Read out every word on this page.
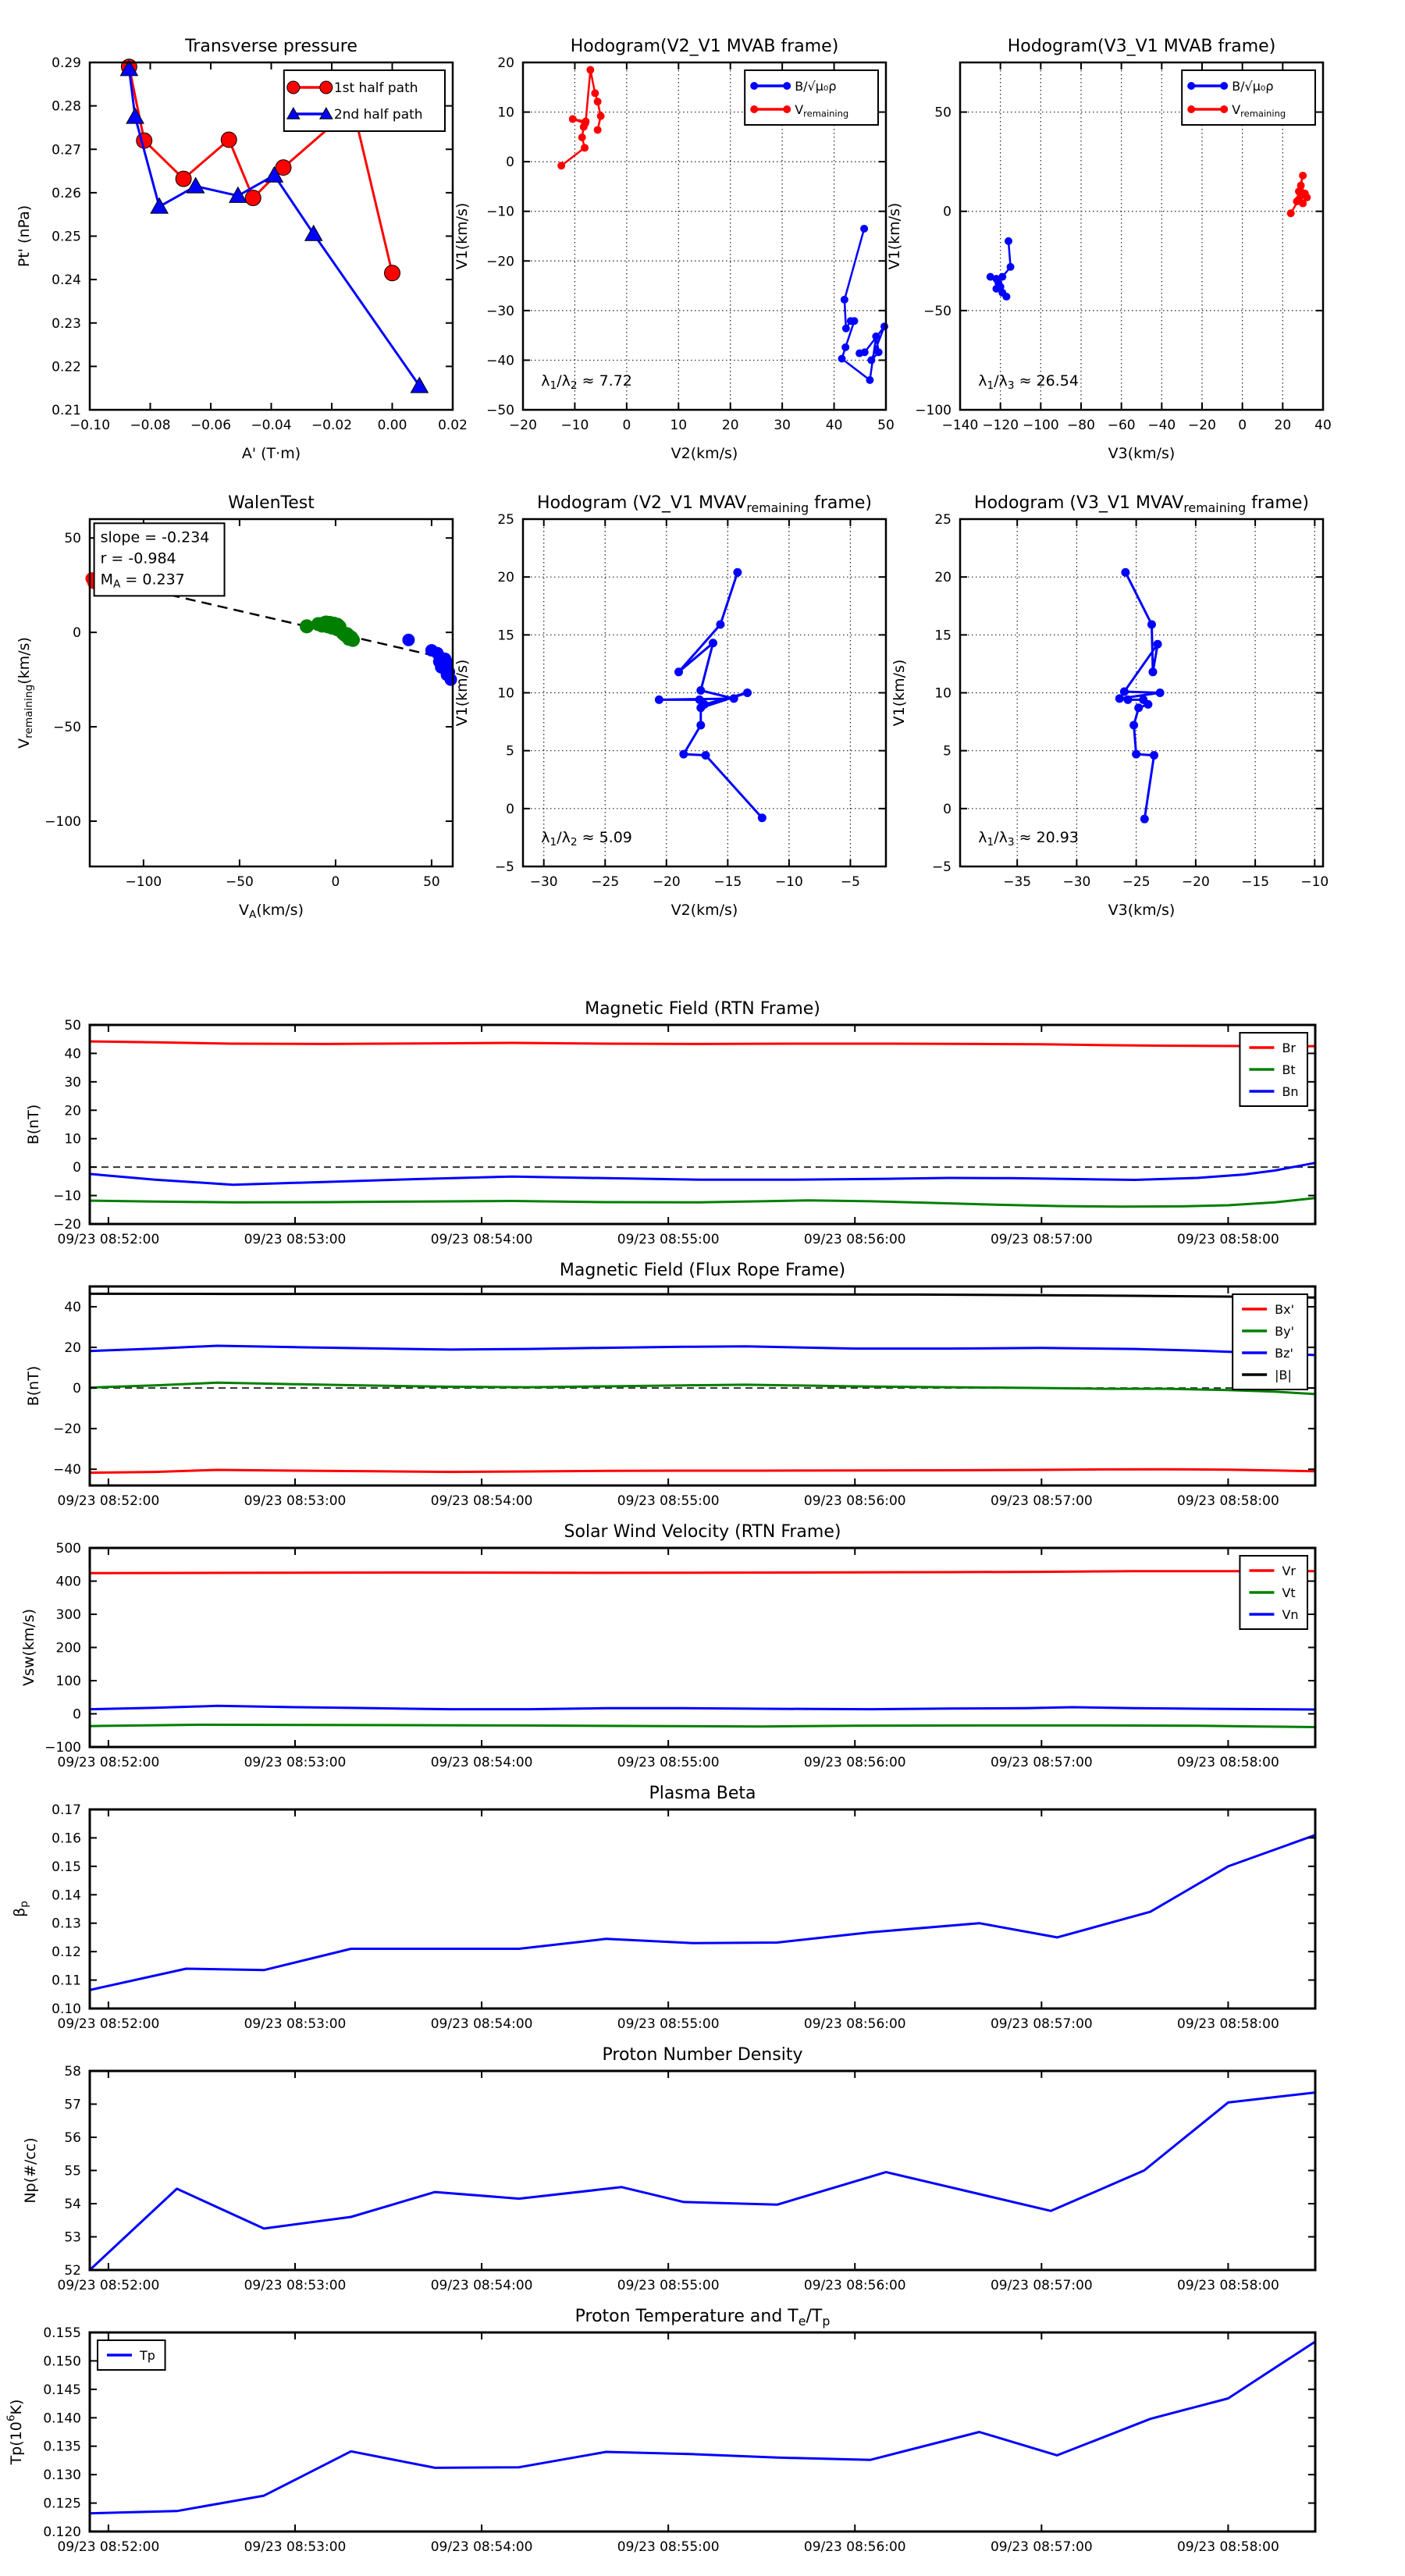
−0.10 −0.08 −0.06 −0.04 −0.02 0.00 0.02
0.21
0.22
0.23
0.24
0.25
0.26
0.27
0.28
0.29
Transverse pressure
A' (T·m)
Pt' (nPa)
1st half path
2nd half path
−20 −10	0	10	20	30	40	50
−50
−40
−30
−20
−10
0
10
20
Hodogram(V2_V1 MVAB frame)
V2(km/s)
V1(km/s)
$\lambda_1/\lambda_2 \approx 7.72$
B/√μ₀ρ
$V_{remaining}$
−140 −120 −100 −80 −60 −40 −20 0 20 40
−100
−50
0
50
Hodogram(V3_V1 MVAB frame)
V3(km/s)
V1(km/s)
$\lambda_1/\lambda_3 \approx 26.54$
B/√μ₀ρ
$V_{remaining}$
−100	−50	0	50
−100
−50
0
50
WalenTest
$V_A(km/s)$
$V_{remaining}(km/s)$
slope = -0.234
r = -0.984
$M_A = 0.237$
−30	−25	−20	−15	−10	−5
−5
0
5
10
15
20
25
Hodogram (V2_V1 $MVAV_{remaining}$ frame)
V2(km/s)
V1(km/s)
$\lambda_1/\lambda_2 \approx 5.09$
−35 −30 −25 −20 −15 −10
−5
0
5
10
15
20
25
Hodogram (V3_V1 $MVAV_{remaining}$ frame)
V3(km/s)
V1(km/s)
$\lambda_1/\lambda_3 \approx 20.93$
09/23 08:52:00	09/23 08:53:00	09/23 08:54:00	09/23 08:55:00	09/23 08:56:00	09/23 08:57:00	09/23 08:58:00
−20
−10
0
10
20
30
40
50
Magnetic Field (RTN Frame)
B(nT)
Br
Bt
Bn
09/23 08:52:00	09/23 08:53:00	09/23 08:54:00	09/23 08:55:00	09/23 08:56:00	09/23 08:57:00	09/23 08:58:00
−40
−20
0
20
40
Magnetic Field (Flux Rope Frame)
B(nT)
Bx'
By'
Bz'
|B|
09/23 08:52:00	09/23 08:53:00	09/23 08:54:00	09/23 08:55:00	09/23 08:56:00	09/23 08:57:00	09/23 08:58:00
−100
0
100
200
300
400
500
Solar Wind Velocity (RTN Frame)
Vsw(km/s)
Vr
Vt
Vn
09/23 08:52:00	09/23 08:53:00	09/23 08:54:00	09/23 08:55:00	09/23 08:56:00	09/23 08:57:00	09/23 08:58:00
0.10
0.11
0.12
0.13
0.14
0.15
0.16
0.17
Plasma Beta
$\beta_p$
09/23 08:52:00	09/23 08:53:00	09/23 08:54:00	09/23 08:55:00	09/23 08:56:00	09/23 08:57:00	09/23 08:58:00
52
53
54
55
56
57
58
Proton Number Density
Np(#/cc)
09/23 08:52:00	09/23 08:53:00	09/23 08:54:00	09/23 08:55:00	09/23 08:56:00	09/23 08:57:00	09/23 08:58:00
0.120
0.125
0.130
0.135
0.140
0.145
0.150
0.155
Proton Temperature and $T_e/T_p$
$Tp(10^6K)$
Tp
